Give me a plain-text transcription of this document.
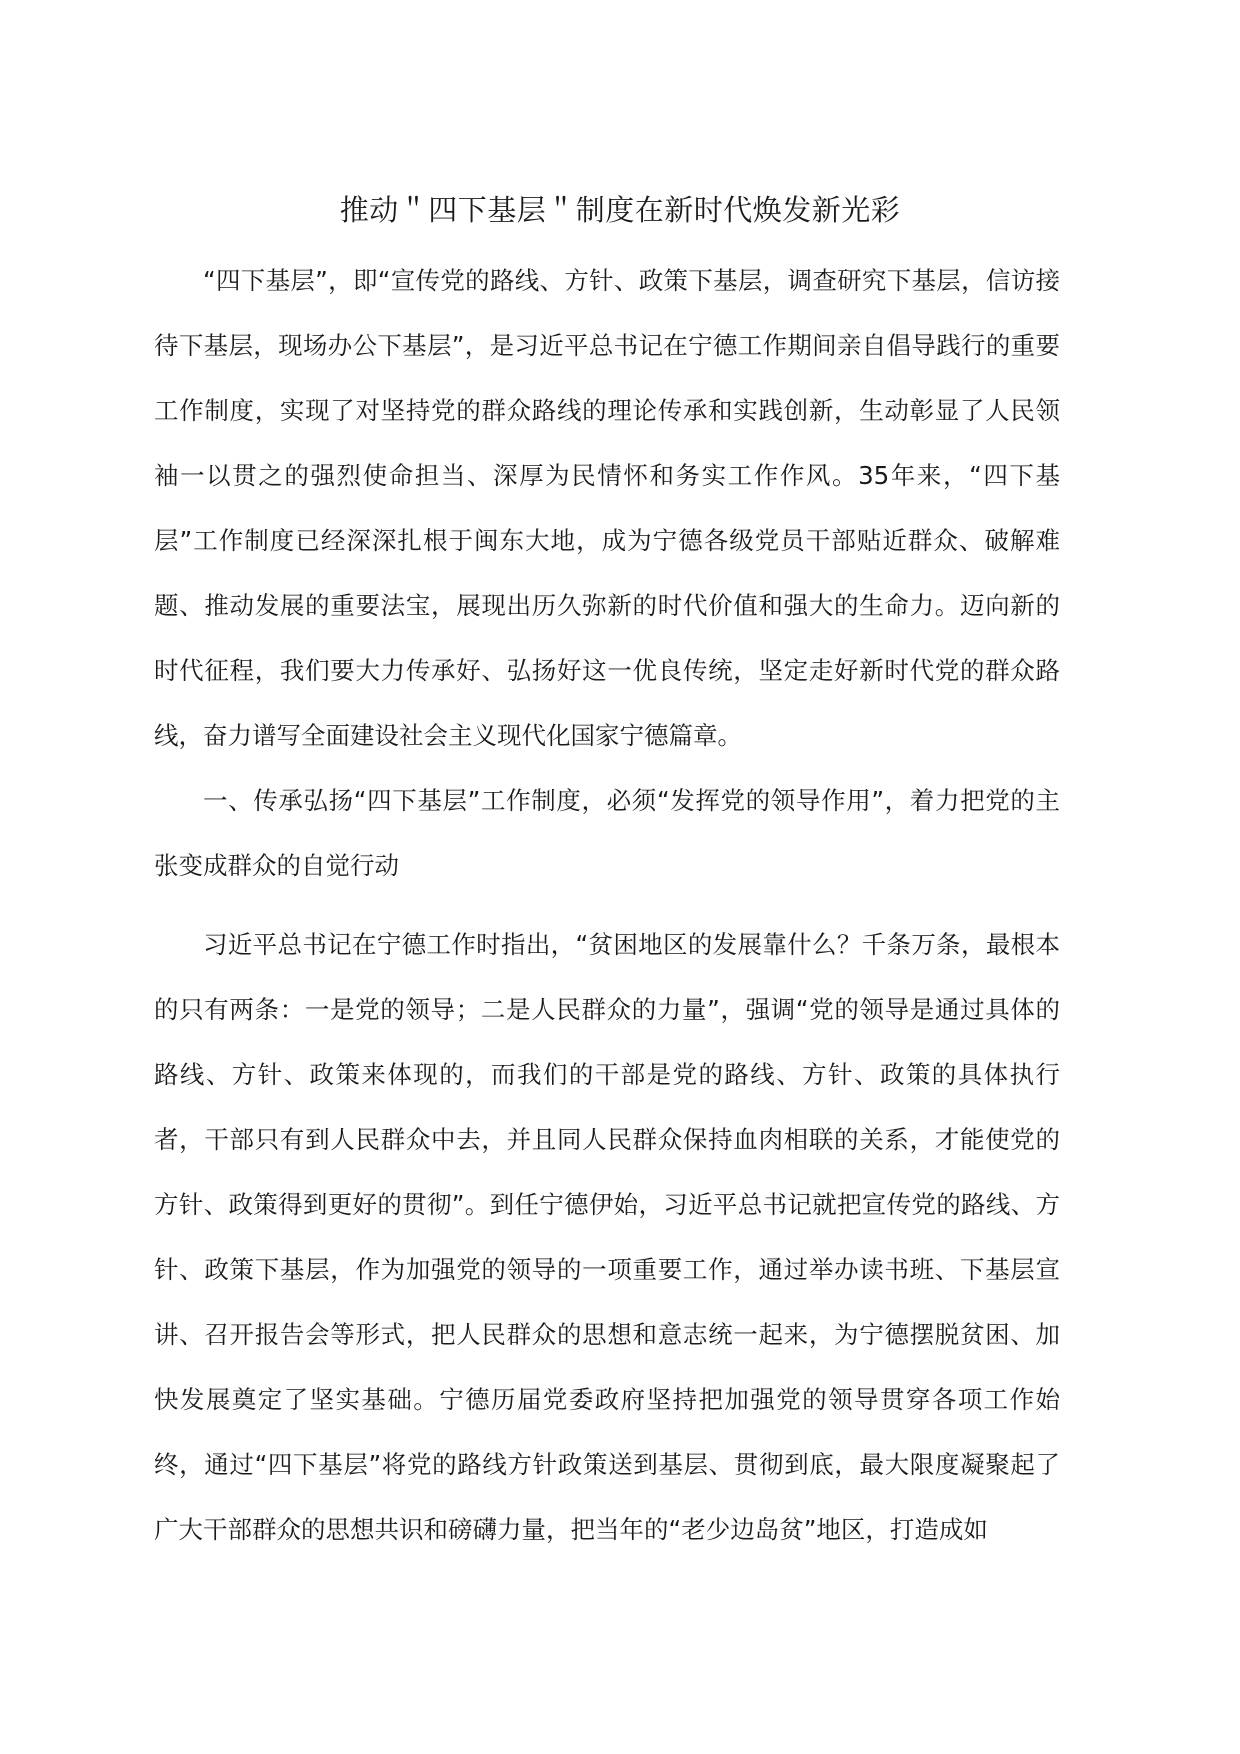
推动＂四下基层＂制度在新时代焕发新光彩

“四下基层”，即“宣传党的路线、方针、政策下基层，调查研究下基层，信访接待下基层，现场办公下基层”，是习近平总书记在宁德工作期间亲自倡导践行的重要工作制度，实现了对坚持党的群众路线的理论传承和实践创新，生动彰显了人民领袖一以贯之的强烈使命担当、深厚为民情怀和务实工作作风。35年来，“四下基层”工作制度已经深深扎根于闽东大地，成为宁德各级党员干部贴近群众、破解难题、推动发展的重要法宝，展现出历久弥新的时代价值和强大的生命力。迈向新的时代征程，我们要大力传承好、弘扬好这一优良传统，坚定走好新时代党的群众路线，奋力谱写全面建设社会主义现代化国家宁德篇章。

一、传承弘扬“四下基层”工作制度，必须“发挥党的领导作用”，着力把党的主张变成群众的自觉行动

习近平总书记在宁德工作时指出，“贫困地区的发展靠什么？千条万条，最根本的只有两条：一是党的领导；二是人民群众的力量”，强调“党的领导是通过具体的路线、方针、政策来体现的，而我们的干部是党的路线、方针、政策的具体执行者，干部只有到人民群众中去，并且同人民群众保持血肉相联的关系，才能使党的方针、政策得到更好的贯彻”。到任宁德伊始，习近平总书记就把宣传党的路线、方针、政策下基层，作为加强党的领导的一项重要工作，通过举办读书班、下基层宣讲、召开报告会等形式，把人民群众的思想和意志统一起来，为宁德摆脱贫困、加快发展奠定了坚实基础。宁德历届党委政府坚持把加强党的领导贯穿各项工作始终，通过“四下基层”将党的路线方针政策送到基层、贯彻到底，最大限度凝聚起了广大干部群众的思想共识和磅礴力量，把当年的“老少边岛贫”地区，打造成如
